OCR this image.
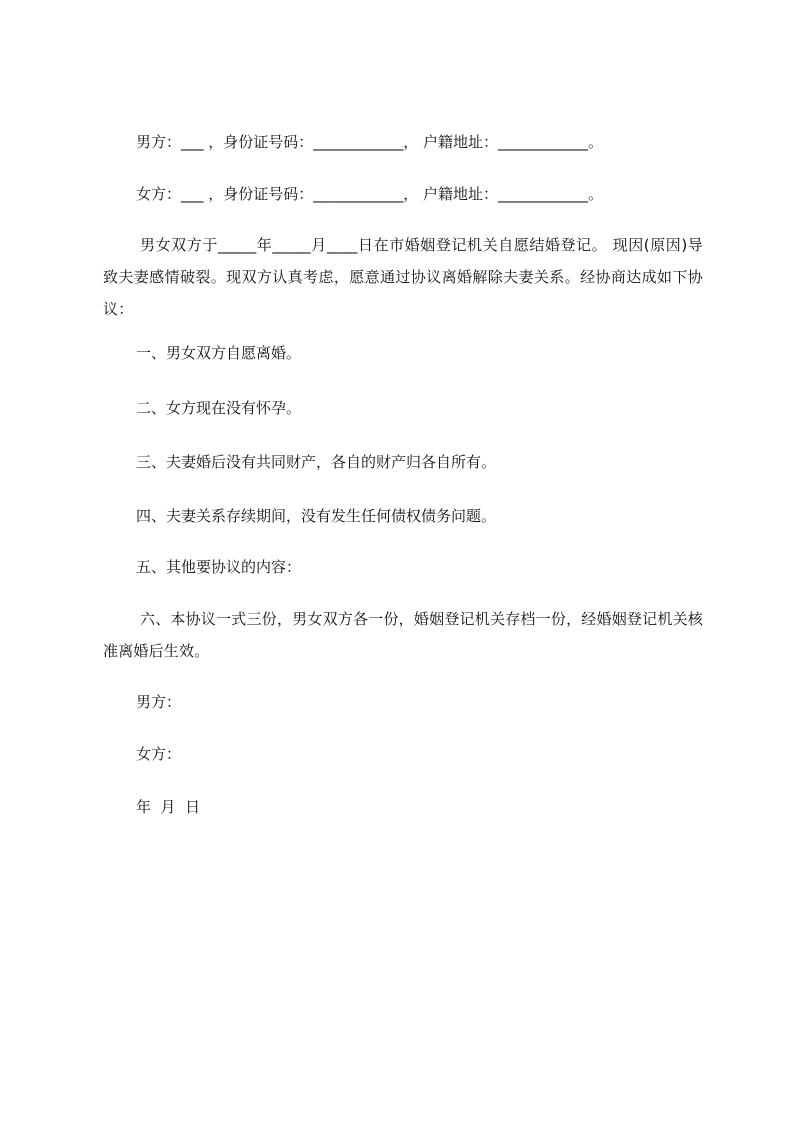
男方：___ ，身份证号码：____________， 户籍地址：____________。
女方：___ ，身份证号码：____________， 户籍地址：____________。
男女双方于_____年_____月____日在市婚姻登记机关自愿结婚登记。 现因(原因)导致夫妻感情破裂。现双方认真考虑，愿意通过协议离婚解除夫妻关系。经协商达成如下协议：
一、男女双方自愿离婚。
二、女方现在没有怀孕。
三、夫妻婚后没有共同财产，各自的财产归各自所有。
四、夫妻关系存续期间，没有发生任何债权债务问题。
五、其他要协议的内容：
六、本协议一式三份，男女双方各一份，婚姻登记机关存档一份，经婚姻登记机关核准离婚后生效。
男方：
女方：
年  月  日
